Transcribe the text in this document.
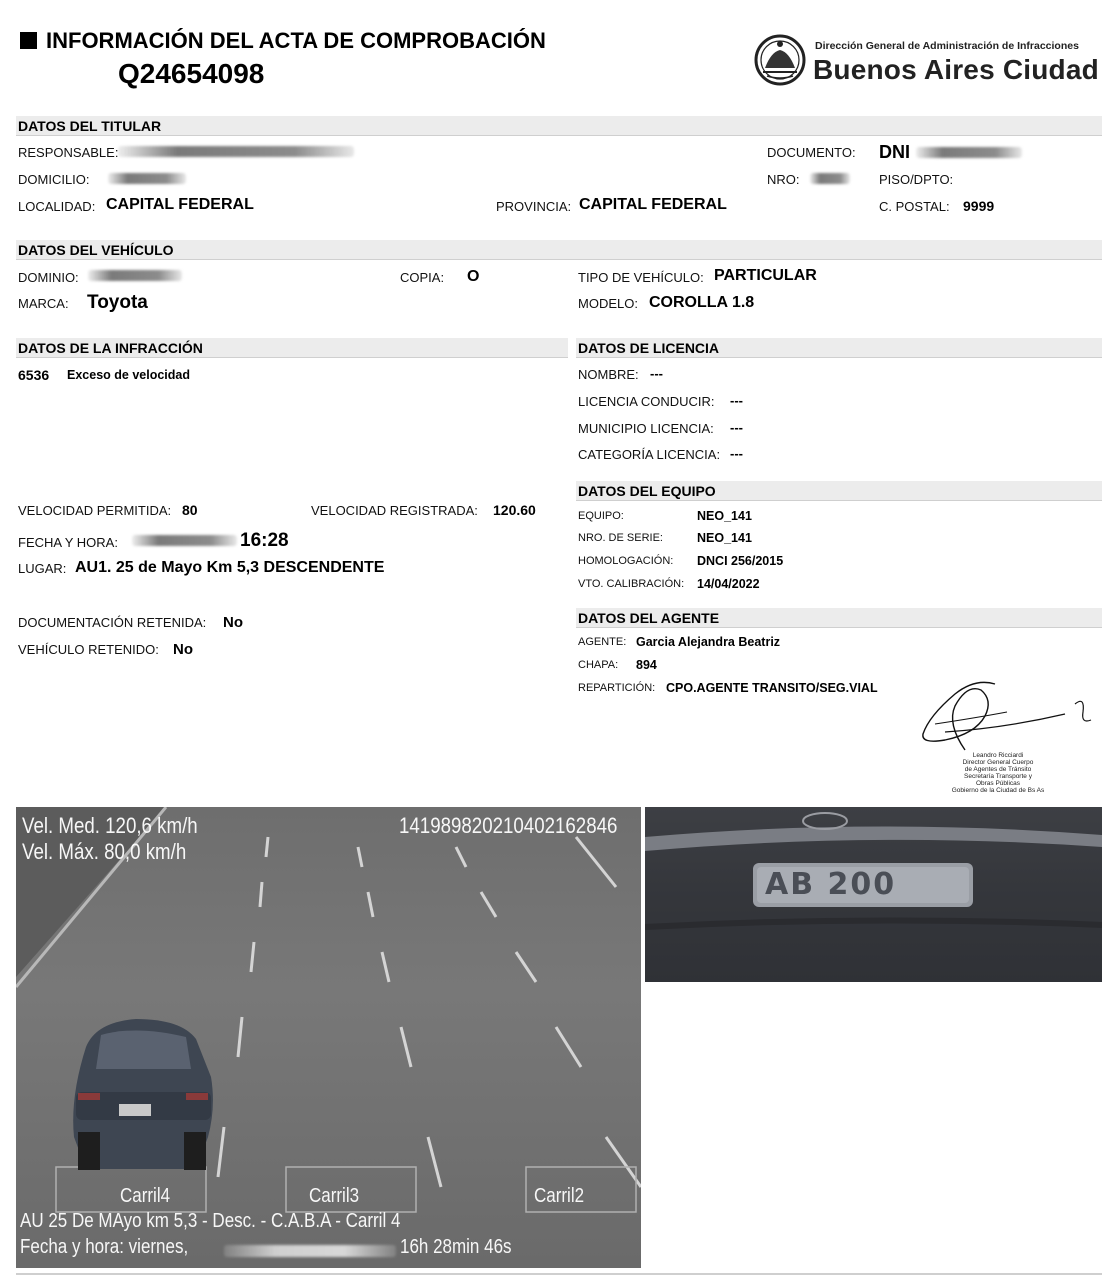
INFORMACIÓN DEL ACTA DE COMPROBACIÓN
Q24654098
Dirección General de Administración de Infracciones
Buenos Aires Ciudad
DATOS DEL TITULAR
RESPONSABLE:	DOCUMENTO: DNI
DOMICILIO:	NRO:	PISO/DPTO:
LOCALIDAD: CAPITAL FEDERAL	PROVINCIA: CAPITAL FEDERAL	C. POSTAL: 9999
DATOS DEL VEHÍCULO
DOMINIO:	COPIA: O	TIPO DE VEHÍCULO: PARTICULAR
MARCA: Toyota	MODELO: COROLLA 1.8
DATOS DE LA INFRACCIÓN
6536 Exceso de velocidad
VELOCIDAD PERMITIDA: 80	VELOCIDAD REGISTRADA: 120.60
FECHA Y HORA:	16:28
LUGAR: AU1. 25 de Mayo Km 5,3 DESCENDENTE
DOCUMENTACIÓN RETENIDA: No
VEHÍCULO RETENIDO: No
DATOS DE LICENCIA
NOMBRE: ---
LICENCIA CONDUCIR: ---
MUNICIPIO LICENCIA: ---
CATEGORÍA LICENCIA: ---
DATOS DEL EQUIPO
EQUIPO:	NEO_141
NRO. DE SERIE:	NEO_141
HOMOLOGACIÓN: DNCI 256/2015
VTO. CALIBRACIÓN: 14/04/2022
DATOS DEL AGENTE
AGENTE: Garcia Alejandra Beatriz
CHAPA: 894
REPARTICIÓN: CPO.AGENTE TRANSITO/SEG.VIAL
Leandro Ricciardi
Director General Cuerpo
de Agentes de Tránsito
Secretaría Transporte y
Obras Públicas
Gobierno de la Ciudad de Bs As
Vel. Med. 120,6 km/h
Vel. Máx. 80,0 km/h
141989820210402162846
Carril4	Carril3	Carril2
AU 25 De MAyo km 5,3 - Desc. - C.A.B.A - Carril 4
Fecha y hora: viernes,	16h 28min 46s
AB 200
